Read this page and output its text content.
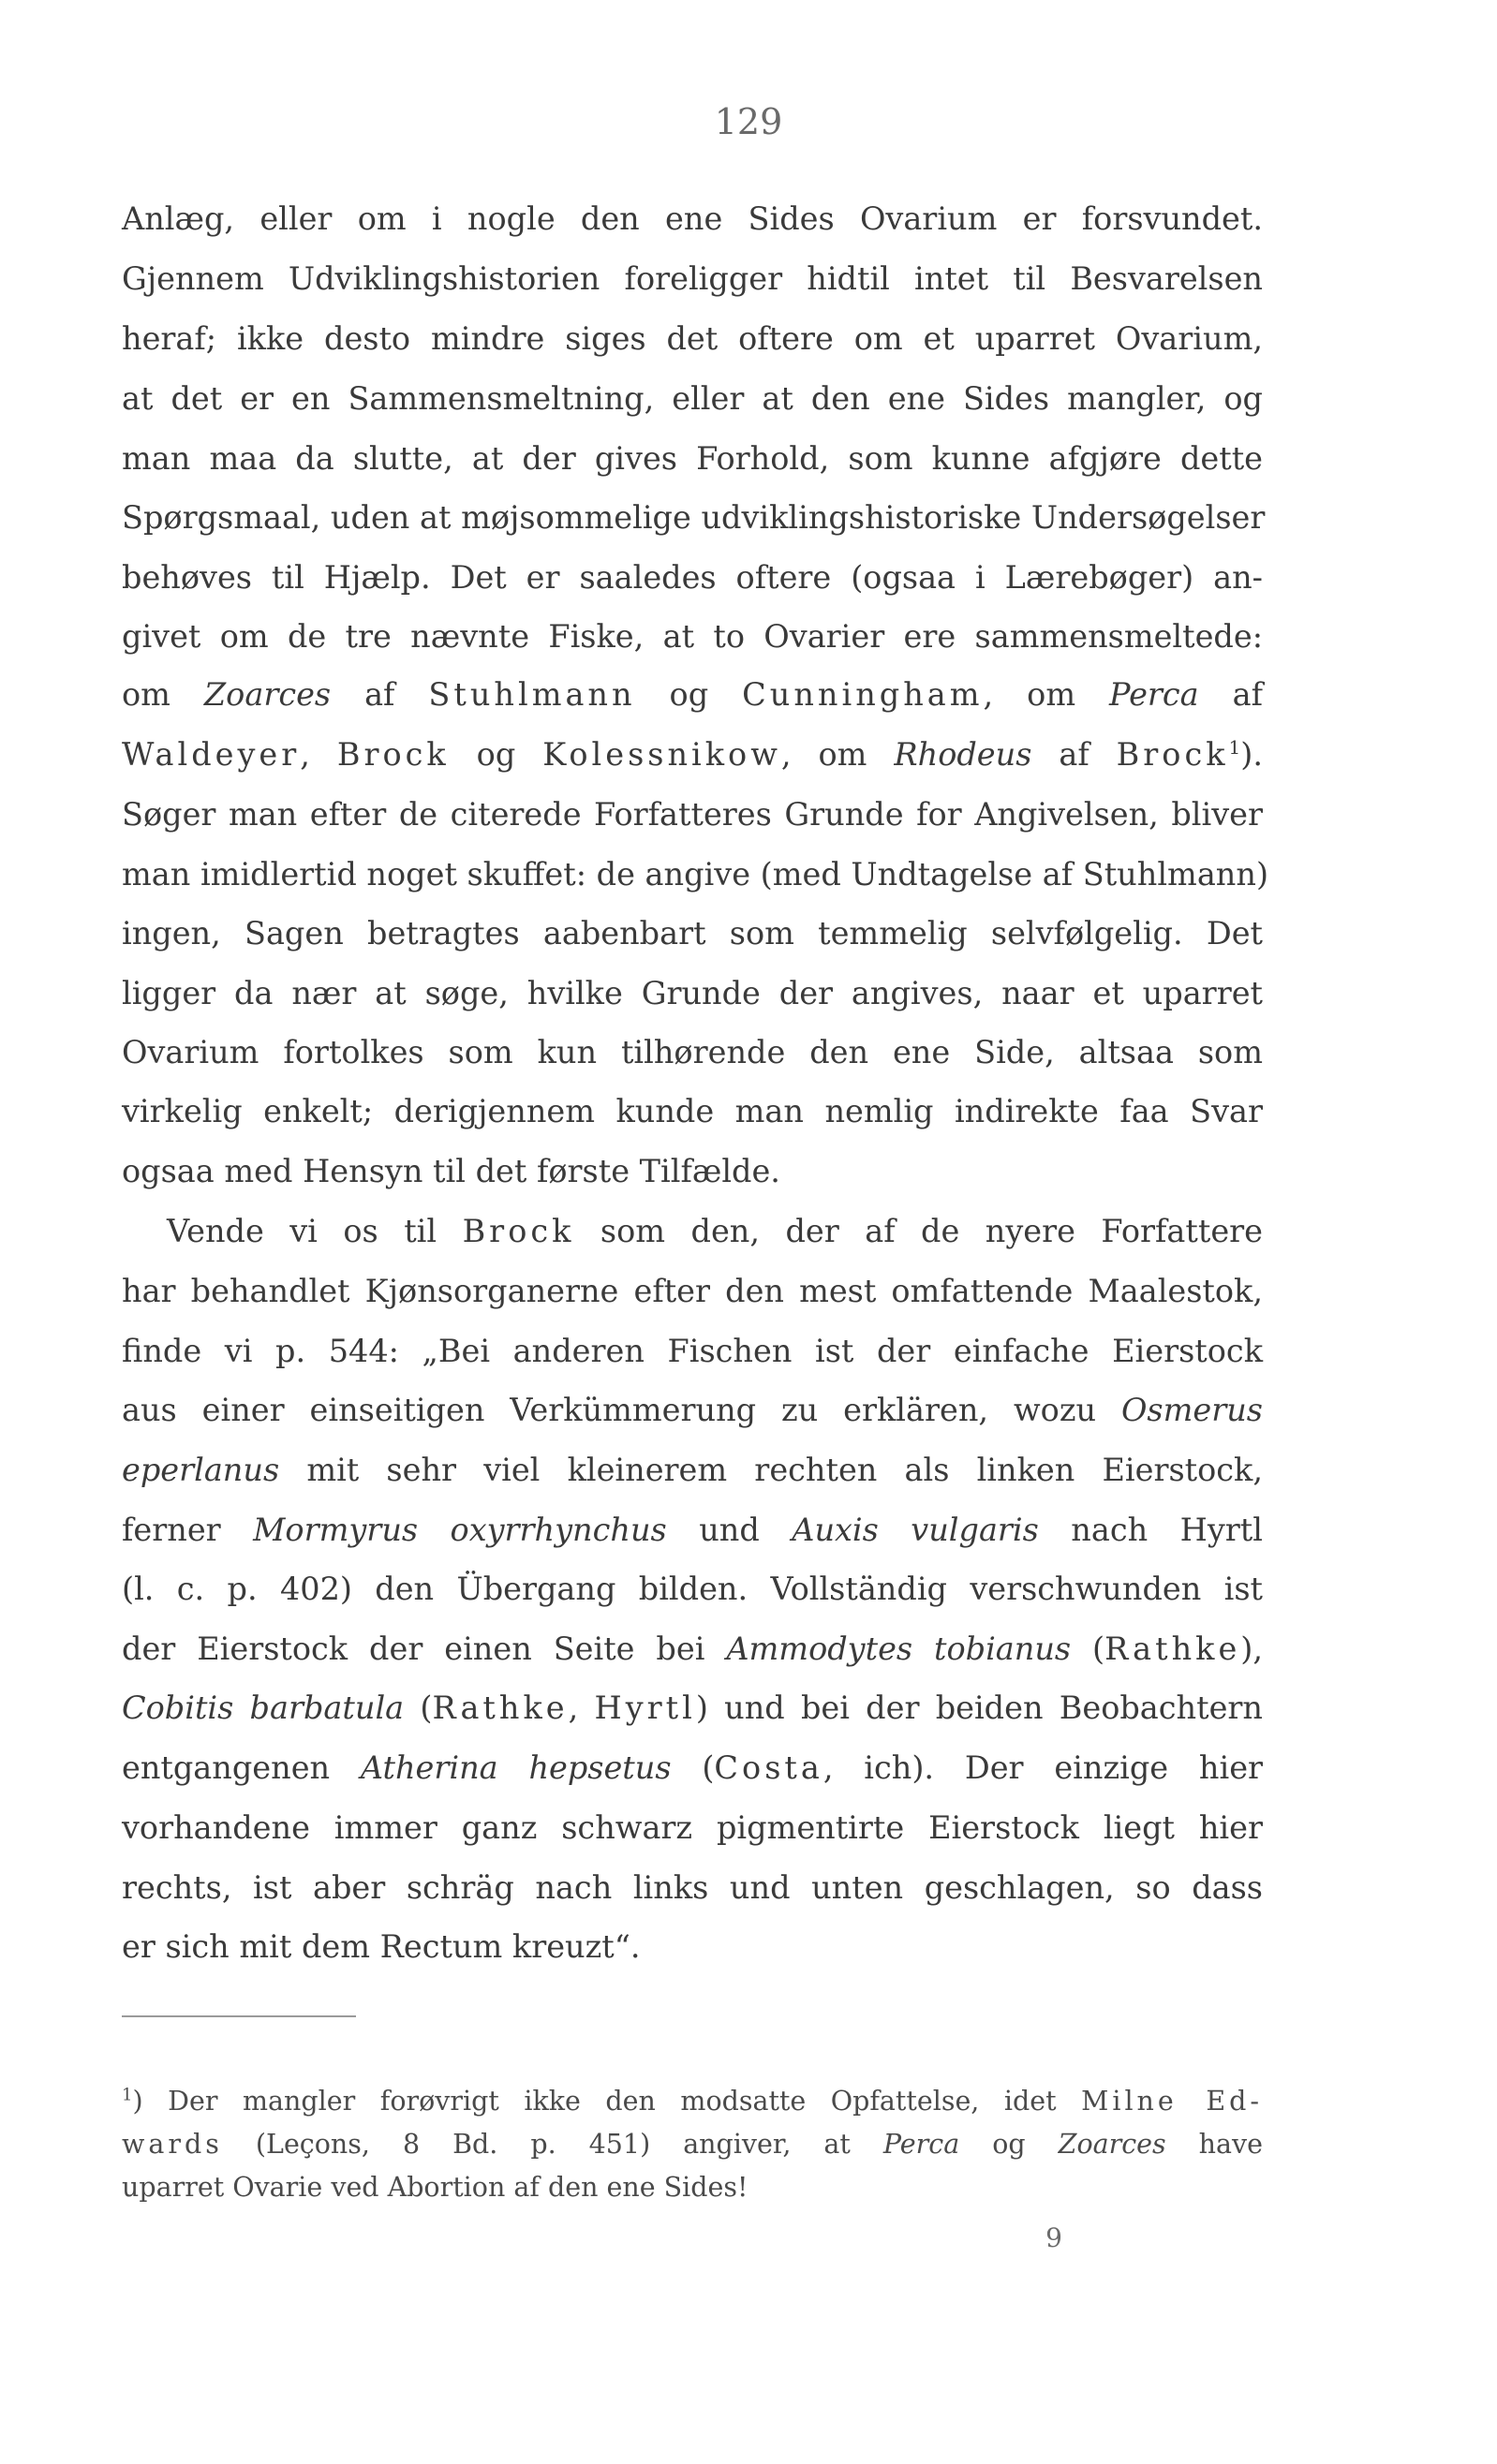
129
Anlæg, eller om i nogle den ene Sides Ovarium er forsvundet.
Gjennem Udviklingshistorien foreligger hidtil intet til Besvarelsen
heraf; ikke desto mindre siges det oftere om et uparret Ovarium,
at det er en Sammensmeltning, eller at den ene Sides mangler, og
man maa da slutte, at der gives Forhold, som kunne afgjøre dette
Spørgsmaal, uden at møjsommelige udviklingshistoriske Undersøgelser
behøves til Hjælp. Det er saaledes oftere (ogsaa i Lærebøger) an-
givet om de tre nævnte Fiske, at to Ovarier ere sammensmeltede:
om Zoarces af Stuhlmann og Cunningham, om Perca af
Waldeyer, Brock og Kolessnikow, om Rhodeus af Brock$^1$).
Søger man efter de citerede Forfatteres Grunde for Angivelsen, bliver
man imidlertid noget skuffet: de angive (med Undtagelse af Stuhlmann)
ingen, Sagen betragtes aabenbart som temmelig selvfølgelig. Det
ligger da nær at søge, hvilke Grunde der angives, naar et uparret
Ovarium fortolkes som kun tilhørende den ene Side, altsaa som
virkelig enkelt; derigjennem kunde man nemlig indirekte faa Svar
ogsaa med Hensyn til det første Tilfælde.
Vende vi os til Brock som den, der af de nyere Forfattere
har behandlet Kjønsorganerne efter den mest omfattende Maalestok,
finde vi p. 544: „Bei anderen Fischen ist der einfache Eierstock
aus einer einseitigen Verkümmerung zu erklären, wozu Osmerus
eperlanus mit sehr viel kleinerem rechten als linken Eierstock,
ferner Mormyrus oxyrrhynchus und Auxis vulgaris nach Hyrtl
(l. c. p. 402) den Übergang bilden. Vollständig verschwunden ist
der Eierstock der einen Seite bei Ammodytes tobianus (Rathke),
Cobitis barbatula (Rathke, Hyrtl) und bei der beiden Beobachtern
entgangenen Atherina hepsetus (Costa, ich). Der einzige hier
vorhandene immer ganz schwarz pigmentirte Eierstock liegt hier
rechts, ist aber schräg nach links und unten geschlagen, so dass
er sich mit dem Rectum kreuzt“.
$^1$) Der mangler forøvrigt ikke den modsatte Opfattelse, idet Milne Ed-
wards (Leçons, 8 Bd. p. 451) angiver, at Perca og Zoarces have
uparret Ovarie ved Abortion af den ene Sides!
9
